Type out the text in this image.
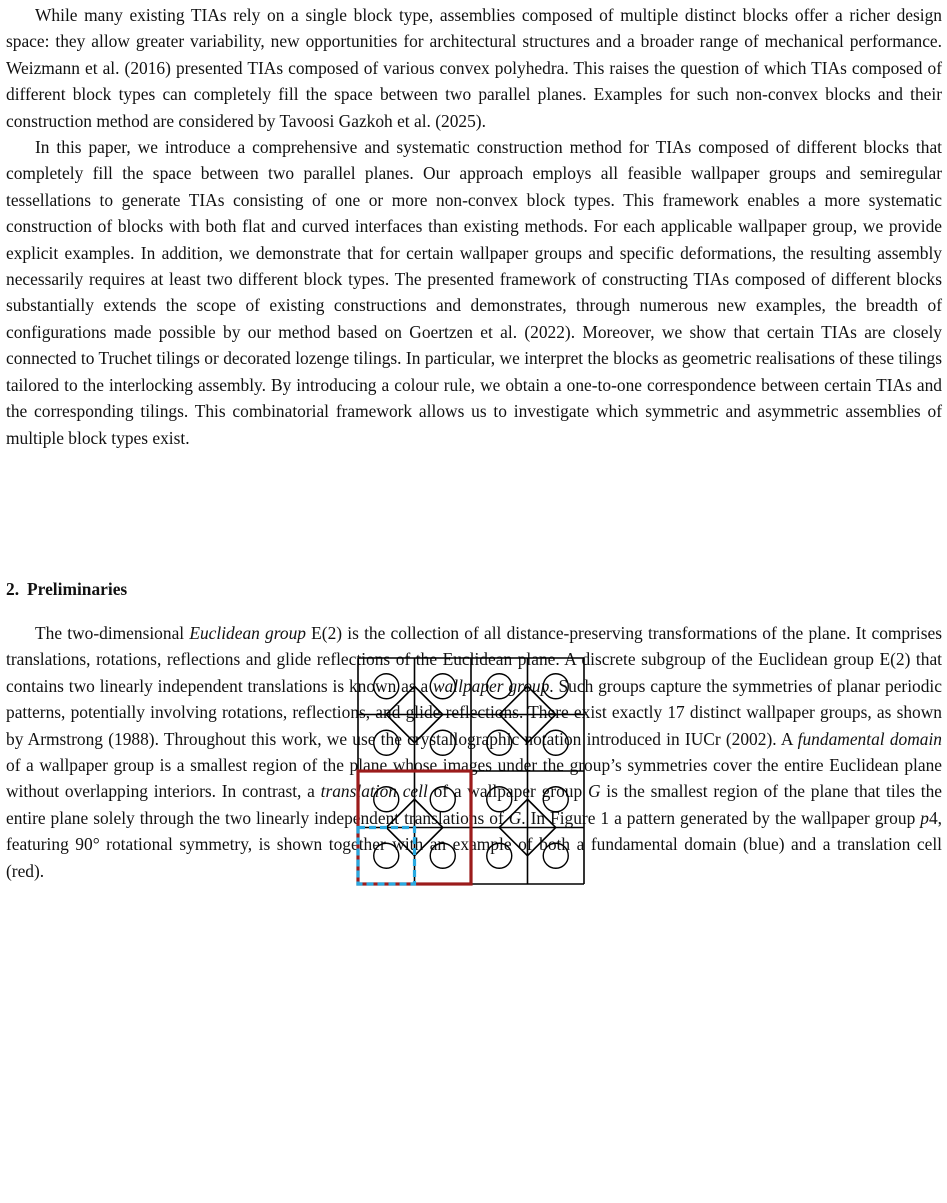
While many existing TIAs rely on a single block type, assemblies composed of multiple distinct blocks offer a richer design space: they allow greater variability, new opportunities for architectural structures and a broader range of mechanical performance. Weizmann et al. (2016) presented TIAs composed of various convex polyhedra. This raises the question of which TIAs composed of different block types can completely fill the space between two parallel planes. Examples for such non-convex blocks and their construction method are considered by Tavoosi Gazkoh et al. (2025).

In this paper, we introduce a comprehensive and systematic construction method for TIAs composed of different blocks that completely fill the space between two parallel planes. Our approach employs all feasible wallpaper groups and semiregular tessellations to generate TIAs consisting of one or more non-convex block types. This framework enables a more systematic construction of blocks with both flat and curved interfaces than existing methods. For each applicable wallpaper group, we provide explicit examples. In addition, we demonstrate that for certain wallpaper groups and specific deformations, the resulting assembly necessarily requires at least two different block types. The presented framework of constructing TIAs composed of different blocks substantially extends the scope of existing constructions and demonstrates, through numerous new examples, the breadth of configurations made possible by our method based on Goertzen et al. (2022). Moreover, we show that certain TIAs are closely connected to Truchet tilings or decorated lozenge tilings. In particular, we interpret the blocks as geometric realisations of these tilings tailored to the interlocking assembly. By introducing a colour rule, we obtain a one-to-one correspondence between certain TIAs and the corresponding tilings. This combinatorial framework allows us to investigate which symmetric and asymmetric assemblies of multiple block types exist.

2. Preliminaries

The two-dimensional Euclidean group E(2) is the collection of all distance-preserving transformations of the plane. It comprises translations, rotations, reflections and glide reflections of the Euclidean plane. A discrete subgroup of the Euclidean group E(2) that contains two linearly independent translations is known as a wallpaper group. Such groups capture the symmetries of planar periodic patterns, potentially involving rotations, reflections, and glide reflections. There exist exactly 17 distinct wallpaper groups, as shown by Armstrong (1988). Throughout this work, we use the crystallographic notation introduced in IUCr (2002). A fundamental domain of a wallpaper group is a smallest region of the plane whose images under the group’s symmetries cover the entire Euclidean plane without overlapping interiors. In contrast, a translation cell of a wallpaper group G is the smallest region of the plane that tiles the entire plane solely through the two linearly independent translations of G. In Figure 1 a pattern generated by the wallpaper group p4, featuring 90° rotational symmetry, is shown together with an example of both a fundamental domain (blue) and a translation cell (red).
